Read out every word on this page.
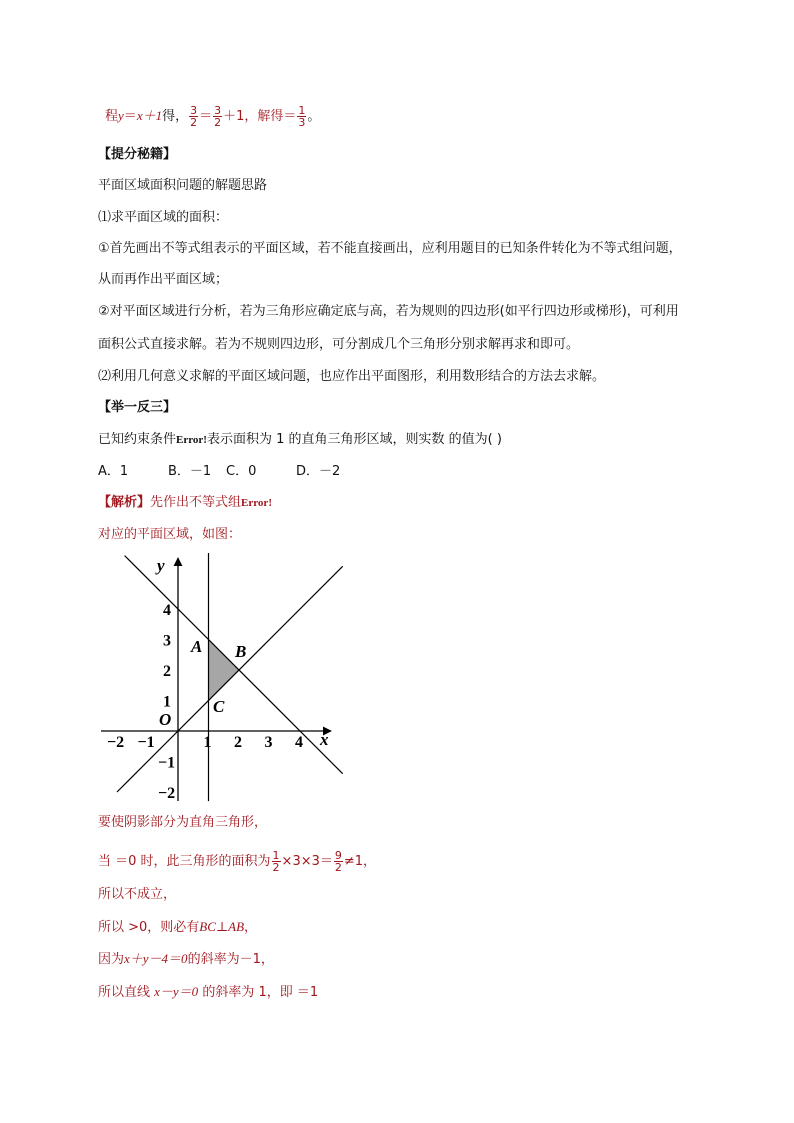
程y＝x＋1得， $\frac{3}{2} = \frac{3}{2} +1$，解得＝ $\frac{1}{3}$ 。
【提分秘籍】
平面区域面积问题的解题思路
⑴求平面区域的面积：
①首先画出不等式组表示的平面区域，若不能直接画出，应利用题目的已知条件转化为不等式组问题，
从而再作出平面区域；
②对平面区域进行分析，若为三角形应确定底与高，若为规则的四边形(如平行四边形或梯形)，可利用
面积公式直接求解。若为不规则四边形，可分割成几个三角形分别求解再求和即可。
⑵利用几何意义求解的平面区域问题，也应作出平面图形，利用数形结合的方法去求解。
【举一反三】
已知约束条件Error!表示面积为 1 的直角三角形区域，则实数 的值为( )
A．1	B．－1 C．0	D．－2
【解析】先作出不等式组Error!
对应的平面区域，如图：
−2 −1	1 2 3 4
4
3
2
1
−1
−2
x
y
O
A B
C
要使阴影部分为直角三角形，
当 ＝0 时，此三角形的面积为 $\frac{1}{2} \times 3\times 3= \frac{9}{2} \ne 1$，
所以不成立，
所以 >0，则必有BC⊥AB，
因为x＋y－4＝0的斜率为－1，
所以直线 x－y＝0 的斜率为 1，即 ＝1
